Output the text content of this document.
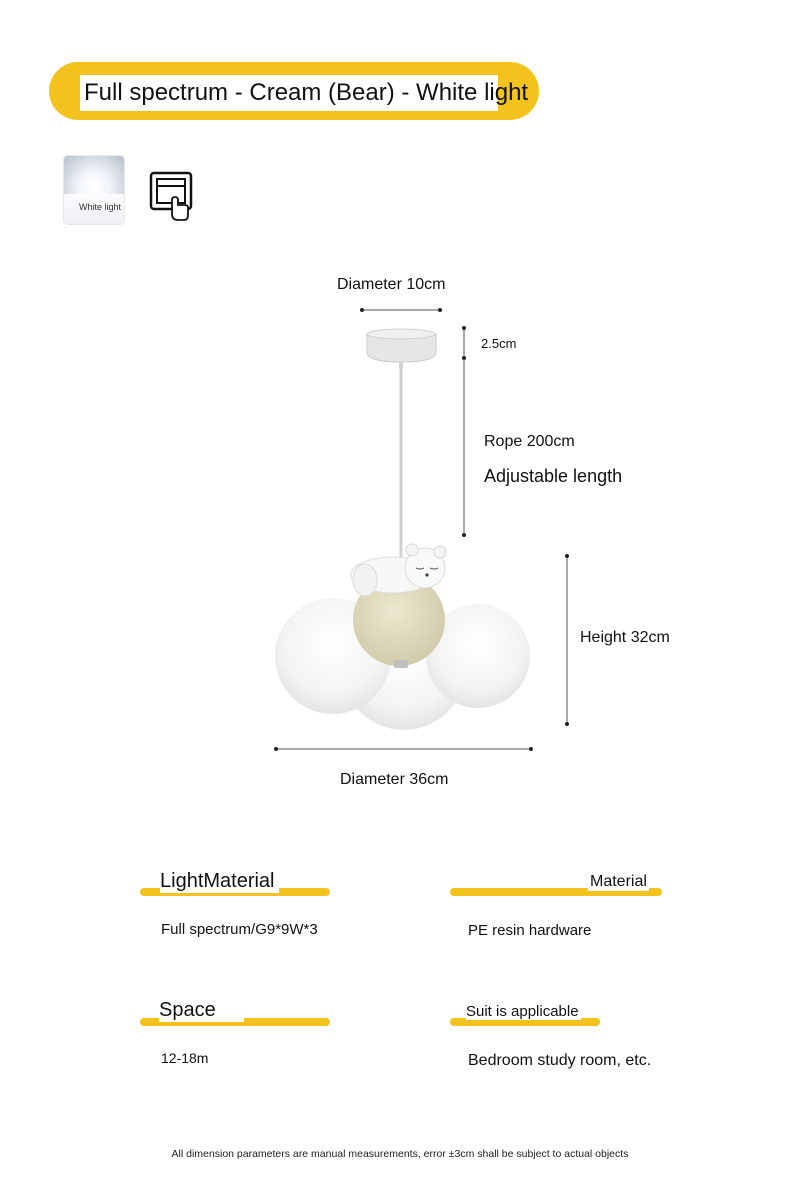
Full spectrum - Cream (Bear) - White light
White light
Diameter 10cm
2.5cm
Rope 200cm
Adjustable length
Height 32cm
Diameter 36cm
LightMaterial
Full spectrum/G9*9W*3
Material
PE resin hardware
Space
12-18m
Suit is applicable
Bedroom study room, etc.
All dimension parameters are manual measurements, error ±3cm shall be subject to actual objects
